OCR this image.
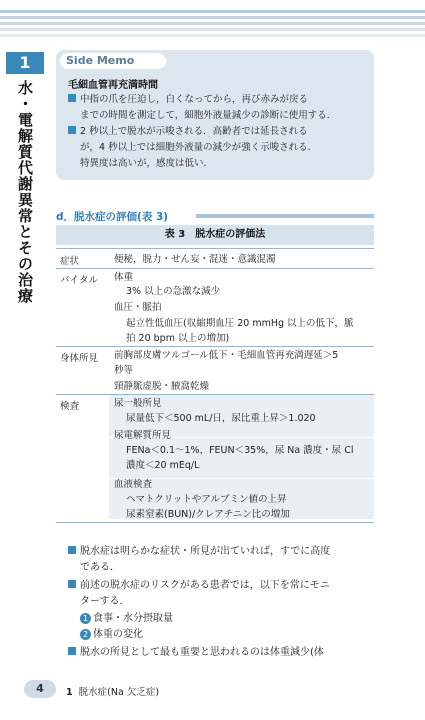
1
水・電解質代謝異常とその治療
Side Memo
毛細血管再充満時間
中指の爪を圧迫し，白くなってから，再び赤みが戻る
までの時間を測定して，細胞外液量減少の診断に使用する．
2 秒以上で脱水が示唆される．高齢者では延長される
が，4 秒以上では細胞外液量の減少が強く示唆される．
特異度は高いが，感度は低い．
d．脱水症の評価(表 3)
表 3　脱水症の評価法
症状	便秘，脱力・せん妄・混迷・意識混濁
バイタル 体重
3% 以上の急激な減少
血圧・脈拍
起立性低血圧(収縮期血圧 20 mmHg 以上の低下，脈
拍 20 bpm 以上の増加)
身体所見 前胸部皮膚ツルゴール低下・毛細血管再充満遅延＞5
秒等
頸静脈虚脱・腋窩乾燥
検査	尿一般所見
尿量低下＜500 mL/日，尿比重上昇＞1.020
尿電解質所見
FENa＜0.1〜1%，FEUN＜35%，尿 Na 濃度・尿 Cl
濃度＜20 mEq/L
血液検査
ヘマトクリットやアルブミン値の上昇
尿素窒素(BUN)/クレアチニン比の増加
脱水症は明らかな症状・所見が出ていれば，すでに高度
である．
前述の脱水症のリスクがある患者では，以下を常にモニ
ターする．
1 食事・水分摂取量
2 体重の変化
脱水の所見として最も重要と思われるのは体重減少(体
4	1 脱水症(Na 欠乏症)
